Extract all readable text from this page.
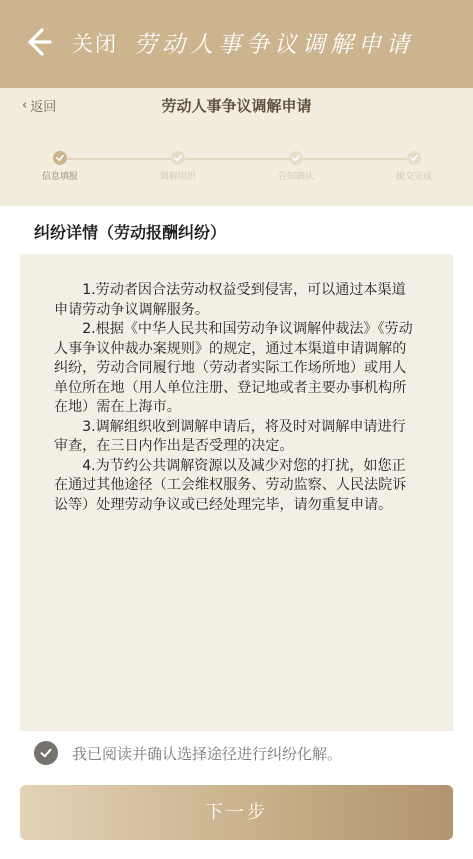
关闭 劳动人事争议调解申请
‹ 返回	劳动人事争议调解申请
信息填报	调解组织	告知确认	提交完成
纠纷详情（劳动报酬纠纷）

1.劳动者因合法劳动权益受到侵害，可以通过本渠道申请劳动争议调解服务。

2.根据《中华人民共和国劳动争议调解仲裁法》《劳动人事争议仲裁办案规则》的规定，通过本渠道申请调解的纠纷，劳动合同履行地（劳动者实际工作场所地）或用人单位所在地（用人单位注册、登记地或者主要办事机构所在地）需在上海市。

3.调解组织收到调解申请后，将及时对调解申请进行审查，在三日内作出是否受理的决定。

4.为节约公共调解资源以及减少对您的打扰，如您正在通过其他途径（工会维权服务、劳动监察、人民法院诉讼等）处理劳动争议或已经处理完毕，请勿重复申请。

我已阅读并确认选择途径进行纠纷化解。
下一步
